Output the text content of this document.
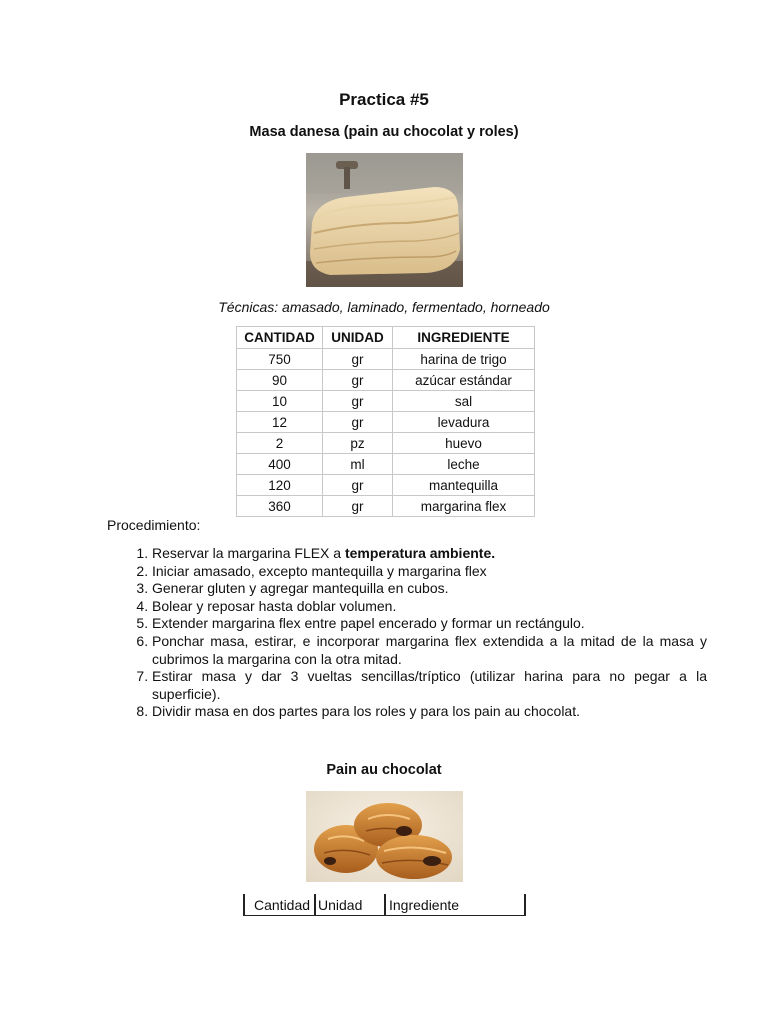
Practica #5
Masa danesa (pain au chocolat y roles)
Técnicas: amasado, laminado, fermentado, horneado
CANTIDAD	UNIDAD	INGREDIENTE
750	gr	harina de trigo
90	gr	azúcar estándar
10	gr	sal
12	gr	levadura
2	pz	huevo
400	ml	leche
120	gr	mantequilla
360	gr	margarina flex
Procedimiento:
1. Reservar la margarina FLEX a temperatura ambiente.
2. Iniciar amasado, excepto mantequilla y margarina flex
3. Generar gluten y agregar mantequilla en cubos.
4. Bolear y reposar hasta doblar volumen.
5. Extender margarina flex entre papel encerado y formar un rectángulo.
6. Ponchar masa, estirar, e incorporar margarina flex extendida a la mitad de la masa y cubrimos la margarina con la otra mitad.
7. Estirar masa y dar 3 vueltas sencillas/tríptico (utilizar harina para no pegar a la superficie).
8. Dividir masa en dos partes para los roles y para los pain au chocolat.
Pain au chocolat
Cantidad Unidad Ingrediente
